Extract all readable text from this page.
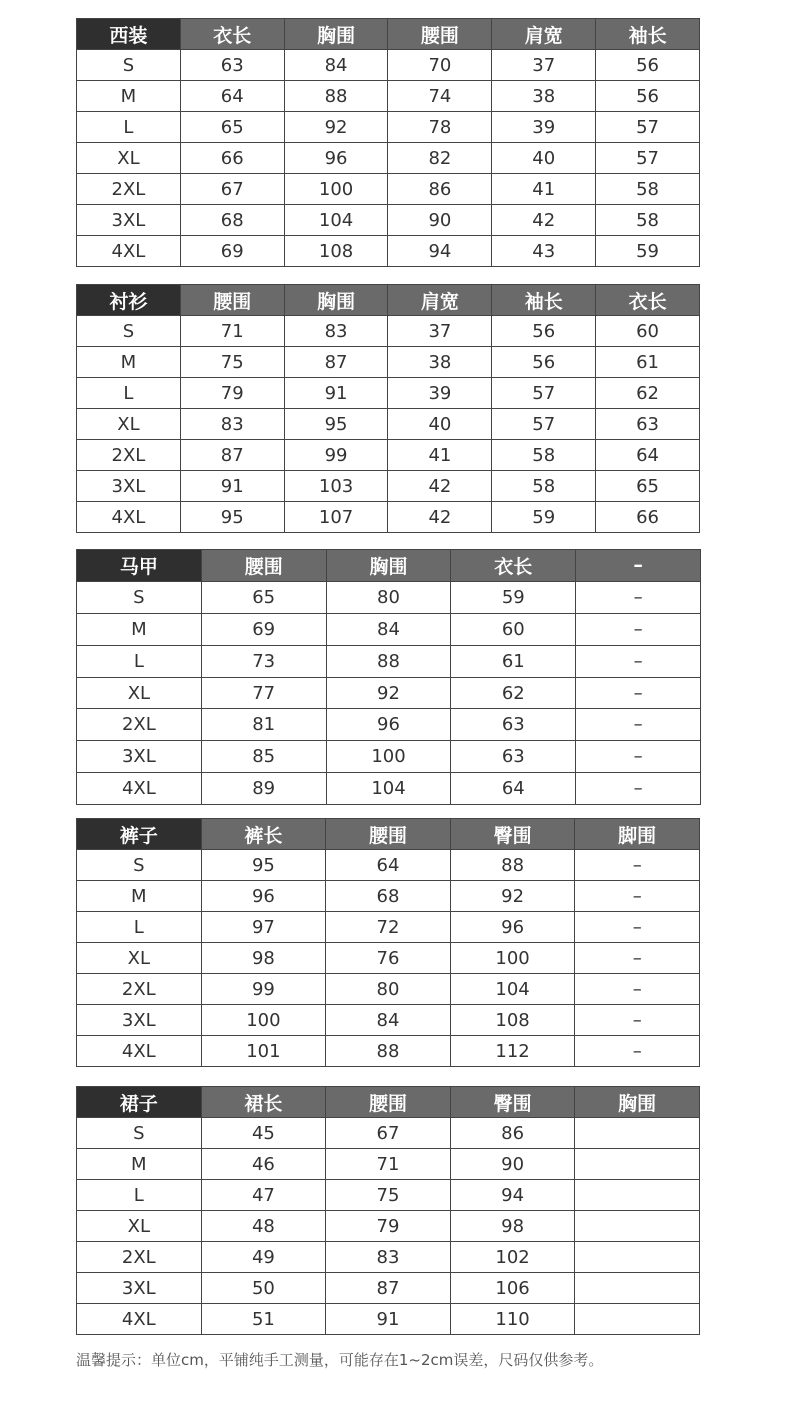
西装	衣长	胸围	腰围	肩宽	袖长
S	63	84	70	37	56
M	64	88	74	38	56
L	65	92	78	39	57
XL	66	96	82	40	57
2XL	67	100	86	41	58
3XL	68	104	90	42	58
4XL	69	108	94	43	59
衬衫	腰围	胸围	肩宽	袖长	衣长
S	71	83	37	56	60
M	75	87	38	56	61
L	79	91	39	57	62
XL	83	95	40	57	63
2XL	87	99	41	58	64
3XL	91	103	42	58	65
4XL	95	107	42	59	66
马甲	腰围	胸围	衣长	–
S	65	80	59	–
M	69	84	60	–
L	73	88	61	–
XL	77	92	62	–
2XL	81	96	63	–
3XL	85	100	63	–
4XL	89	104	64	–
裤子	裤长	腰围	臀围	脚围
S	95	64	88	–
M	96	68	92	–
L	97	72	96	–
XL	98	76	100	–
2XL	99	80	104	–
3XL	100	84	108	–
4XL	101	88	112	–
裙子	裙长	腰围	臀围	胸围
S	45	67	86	
M	46	71	90	
L	47	75	94	
XL	48	79	98	
2XL	49	83	102	
3XL	50	87	106	
4XL	51	91	110	
温馨提示：单位cm，平铺纯手工测量，可能存在1~2cm误差，尺码仅供参考。
